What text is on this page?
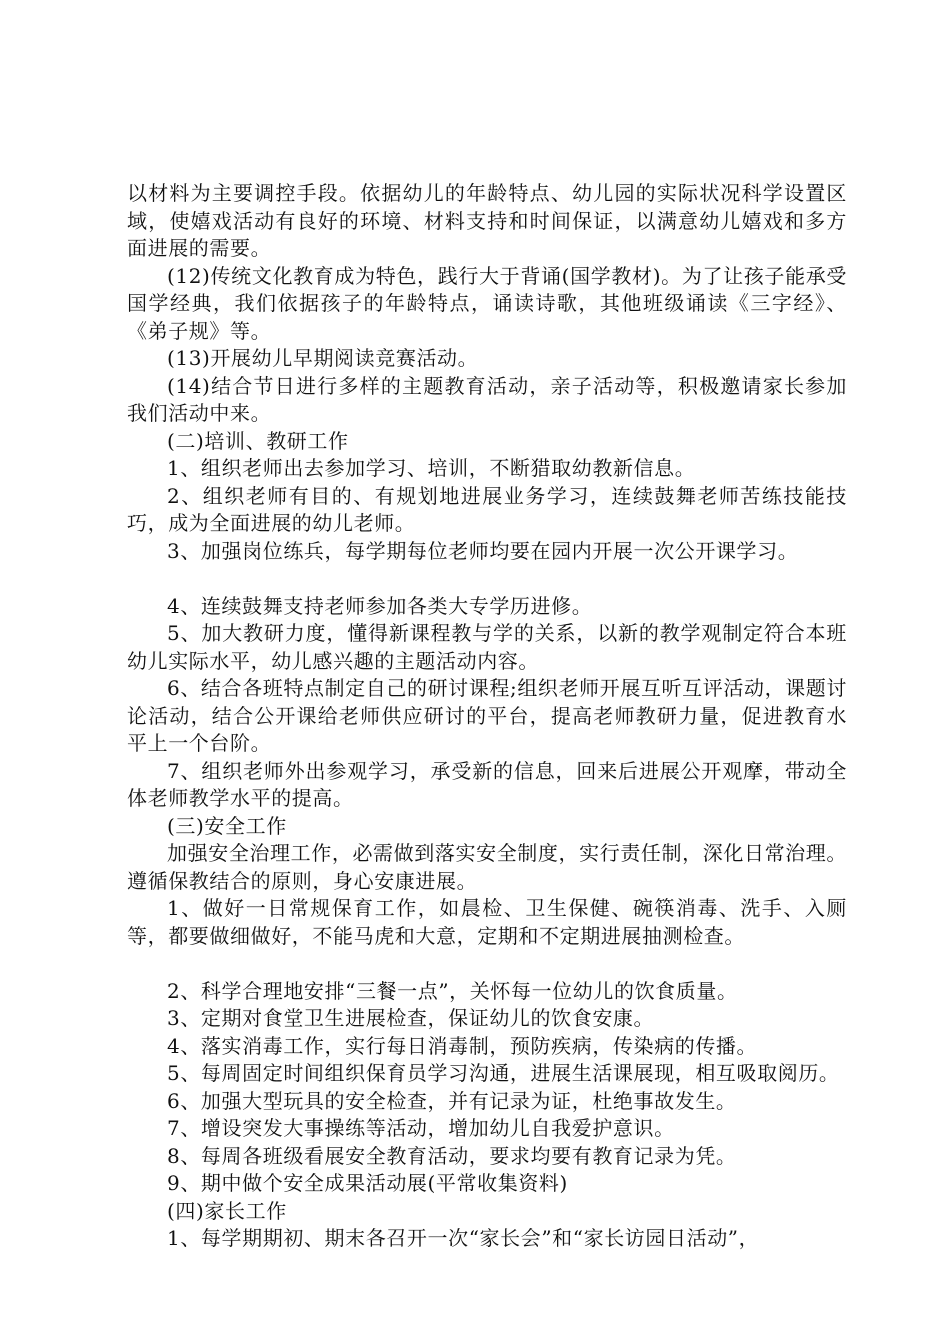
以材料为主要调控手段。依据幼儿的年龄特点、幼儿园的实际状况科学设置区域，使嬉戏活动有良好的环境、材料支持和时间保证，以满意幼儿嬉戏和多方面进展的需要。

(12)传统文化教育成为特色，践行大于背诵(国学教材)。为了让孩子能承受国学经典，我们依据孩子的年龄特点，诵读诗歌，其他班级诵读《三字经》、《弟子规》等。

(13)开展幼儿早期阅读竞赛活动。

(14)结合节日进行多样的主题教育活动，亲子活动等，积极邀请家长参加我们活动中来。

(二)培训、教研工作

1、组织老师出去参加学习、培训，不断猎取幼教新信息。

2、组织老师有目的、有规划地进展业务学习，连续鼓舞老师苦练技能技巧，成为全面进展的幼儿老师。

3、加强岗位练兵，每学期每位老师均要在园内开展一次公开课学习。

4、连续鼓舞支持老师参加各类大专学历进修。

5、加大教研力度，懂得新课程教与学的关系，以新的教学观制定符合本班幼儿实际水平，幼儿感兴趣的主题活动内容。

6、结合各班特点制定自己的研讨课程;组织老师开展互听互评活动，课题讨论活动，结合公开课给老师供应研讨的平台，提高老师教研力量，促进教育水平上一个台阶。

7、组织老师外出参观学习，承受新的信息，回来后进展公开观摩，带动全体老师教学水平的提高。

(三)安全工作

加强安全治理工作，必需做到落实安全制度，实行责任制，深化日常治理。遵循保教结合的原则，身心安康进展。

1、做好一日常规保育工作，如晨检、卫生保健、碗筷消毒、洗手、入厕等，都要做细做好，不能马虎和大意，定期和不定期进展抽测检查。

2、科学合理地安排“三餐一点”，关怀每一位幼儿的饮食质量。

3、定期对食堂卫生进展检查，保证幼儿的饮食安康。

4、落实消毒工作，实行每日消毒制，预防疾病，传染病的传播。

5、每周固定时间组织保育员学习沟通，进展生活课展现，相互吸取阅历。

6、加强大型玩具的安全检查，并有记录为证，杜绝事故发生。

7、增设突发大事操练等活动，增加幼儿自我爱护意识。

8、每周各班级看展安全教育活动，要求均要有教育记录为凭。

9、期中做个安全成果活动展(平常收集资料)

(四)家长工作

1、每学期期初、期末各召开一次“家长会”和“家长访园日活动”，
